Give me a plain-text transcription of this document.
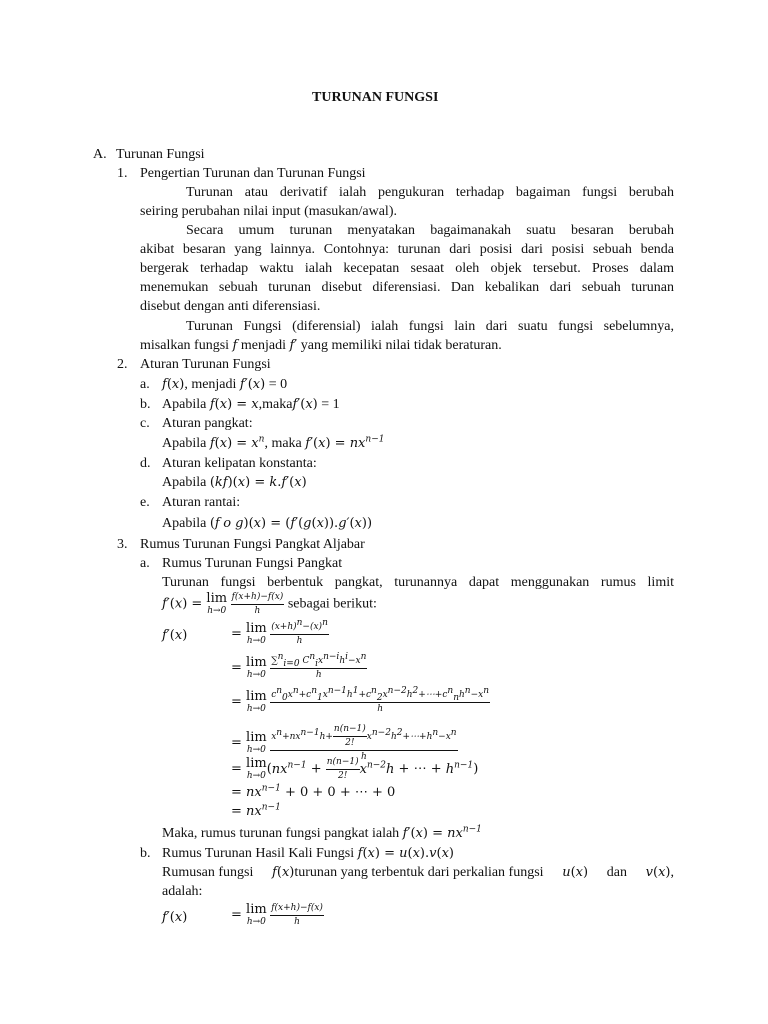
TURUNAN FUNGSI
A. Turunan Fungsi
1. Pengertian Turunan dan Turunan Fungsi
Turunan atau derivatif ialah pengukuran terhadap bagaiman fungsi berubah
seiring perubahan nilai input (masukan/awal).
Secara umum turunan menyatakan bagaimanakah suatu besaran berubah
akibat besaran yang lainnya. Contohnya: turunan dari posisi dari posisi sebuah benda
bergerak terhadap waktu ialah kecepatan sesaat oleh objek tersebut. Proses dalam
menemukan sebuah turunan disebut diferensiasi. Dan kebalikan dari sebuah turunan
disebut dengan anti diferensiasi.
Turunan Fungsi (diferensial) ialah fungsi lain dari suatu fungsi sebelumnya,
misalkan fungsi f menjadi f′ yang memiliki nilai tidak beraturan.
2. Aturan Turunan Fungsi
a. f(x), menjadi f′(x) = 0
b. Apabila f(x) = x,makaf′(x) = 1
c. Aturan pangkat:
Apabila $f(x) = x^n$, maka $f'(x) = nx^{n-1}$
d. Aturan kelipatan konstanta:
Apabila (kf)(x) = k.f′(x)
e. Aturan rantai:
Apabila (f o g)(x) = (f′(g(x)).g′(x))
3. Rumus Turunan Fungsi Pangkat Aljabar
a. Rumus Turunan Fungsi Pangkat
Turunan fungsi berbentuk pangkat, turunannya dapat menggunakan rumus limit
f′(x) = lim
h→0
$\frac{f(x+h)-f(x)}{h}$ sebagai berikut:
f′(x)	= lim
h→0
$\frac{(x+h)^n-(x)^n}{h}$
= lim
h→0
$\frac{\sum^n_{i=0} C^n_ix^{n-i}h^i-x^n}{h}$
= lim
h→0
$\frac{c^n_0x^n+c^n_1x^{n-1}h^1+c^n_2x^{n-2}h^2+\cdots+c^n_nh^n-x^n}{h}$
= lim
h→0
$\frac{x^n+nx^{n-1}h+ \frac{n(n-1)}{2!} x^{n-2}h^2+\cdots+h^n-x^n}{h}$
= lim
h→0 ($nx^{n-1} + \frac{n(n-1)}{2!} x^{n-2}h$ + ⋯ + $h^{n-1}$)
= $nx^{n-1} + 0 + 0$ + ⋯ + 0
= $nx^{n-1}$
Maka, rumus turunan fungsi pangkat ialah $f'(x) = nx^{n-1}$
b. Rumus Turunan Hasil Kali Fungsi f(x) = u(x).v(x)
Rumusan fungsi f(x)turunan yang terbentuk dari perkalian fungsi u(x) dan v(x),
adalah:
f′(x)	= lim
h→0
$\frac{f(x+h)-f(x)}{h}$
